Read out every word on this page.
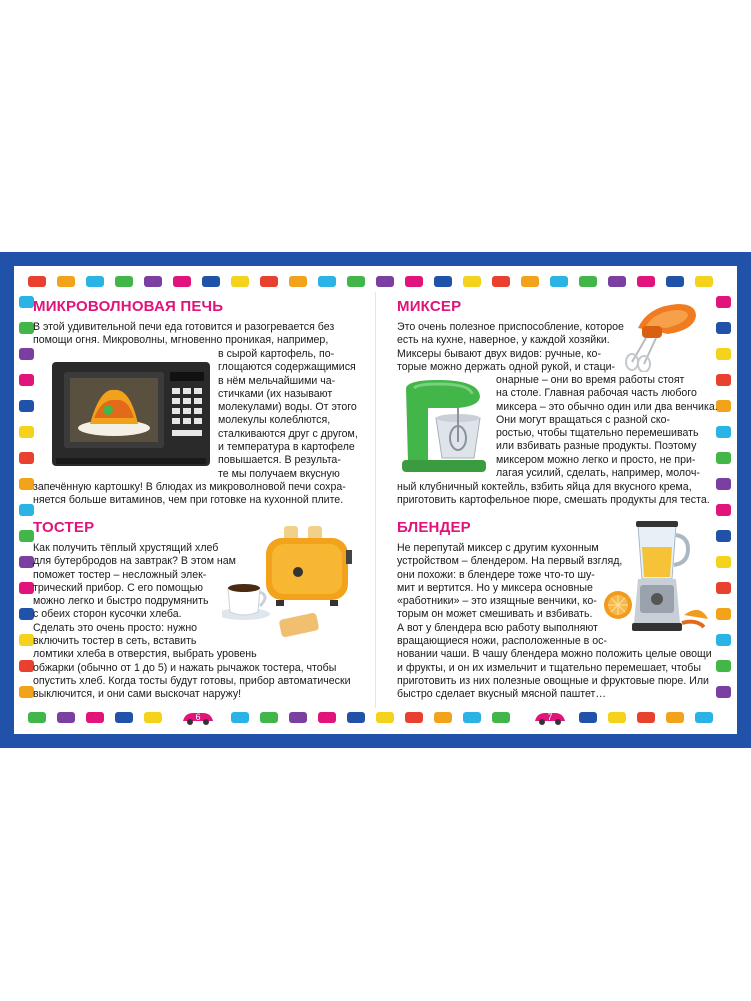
6	7
МИКРОВОЛНОВАЯ ПЕЧЬ
В этой удивительной печи еда готовится и разогревается без
помощи огня. Микроволны, мгновенно проникая, например,
в сырой картофель, по-
глощаются содержащимися
в нём мельчайшими ча-
стичками (их называют
молекулами) воды. От этого
молекулы колеблются,
сталкиваются друг с другом,
и температура в картофеле
повышается. В результа-
те мы получаем вкусную
запечённую картошку! В блюдах из микроволновой печи сохра-
няется больше витаминов, чем при готовке на кухонной плите.
ТОСТЕР
Как получить тёплый хрустящий хлеб
для бутербродов на завтрак? В этом нам
поможет тостер – несложный элек-
трический прибор. С его помощью
можно легко и быстро подрумянить
с обеих сторон кусочки хлеба.
Сделать это очень просто: нужно
включить тостер в сеть, вставить
ломтики хлеба в отверстия, выбрать уровень
обжарки (обычно от 1 до 5) и нажать рычажок тостера, чтобы
опустить хлеб. Когда тосты будут готовы, прибор автоматически
выключится, и они сами выскочат наружу!
МИКСЕР
Это очень полезное приспособление, которое
есть на кухне, наверное, у каждой хозяйки.
Миксеры бывают двух видов: ручные, ко-
торые можно держать одной рукой, и стаци-
онарные – они во время работы стоят
на столе. Главная рабочая часть любого
миксера – это обычно один или два венчика.
Они могут вращаться с разной ско-
ростью, чтобы тщательно перемешивать
или взбивать разные продукты. Поэтому
миксером можно легко и просто, не при-
лагая усилий, сделать, например, молоч-
ный клубничный коктейль, взбить яйца для вкусного крема,
приготовить картофельное пюре, смешать продукты для теста.
БЛЕНДЕР
Не перепутай миксер с другим кухонным
устройством – блендером. На первый взгляд,
они похожи: в блендере тоже что-то шу-
мит и вертится. Но у миксера основные
«работники» – это изящные венчики, ко-
торым он может смешивать и взбивать.
А вот у блендера всю работу выполняют
вращающиеся ножи, расположенные в ос-
новании чаши. В чашу блендера можно положить целые овощи
и фрукты, и он их измельчит и тщательно перемешает, чтобы
приготовить из них полезные овощные и фруктовые пюре. Или
быстро сделает вкусный мясной паштет…
